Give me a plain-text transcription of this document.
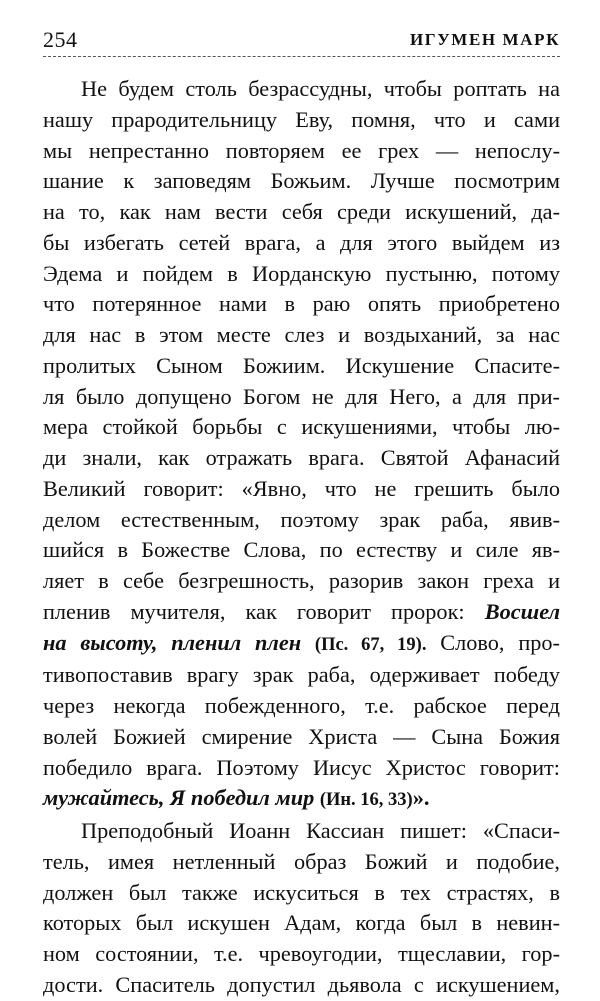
254	ИГУМЕН МАРК
Не будем столь безрассудны, чтобы роптать на
нашу прародительницу Еву, помня, что и сами
мы непрестанно повторяем ее грех — непослу-
шание к заповедям Божьим. Лучше посмотрим
на то, как нам вести себя среди искушений, да-
бы избегать сетей врага, а для этого выйдем из
Эдема и пойдем в Иорданскую пустыню, потому
что потерянное нами в раю опять приобретено
для нас в этом месте слез и воздыханий, за нас
пролитых Сыном Божиим. Искушение Спасите-
ля было допущено Богом не для Него, а для при-
мера стойкой борьбы с искушениями, чтобы лю-
ди знали, как отражать врага. Святой Афанасий
Великий говорит: «Явно, что не грешить было
делом естественным, поэтому зрак раба, явив-
шийся в Божестве Слова, по естеству и силе яв-
ляет в себе безгрешность, разорив закон греха и
пленив мучителя, как говорит пророк: Восшел
на высоту, пленил плен (Пс. 67, 19). Слово, про-
тивопоставив врагу зрак раба, одерживает победу
через некогда побежденного, т.е. рабское перед
волей Божией смирение Христа — Сына Божия
победило врага. Поэтому Иисус Христос говорит:
мужайтесь, Я победил мир (Ин. 16, 33)».
Преподобный Иоанн Кассиан пишет: «Спаси-
тель, имея нетленный образ Божий и подобие,
должен был также искуситься в тех страстях, в
которых был искушен Адам, когда был в невин-
ном состоянии, т.е. чревоугодии, тщеславии, гор-
дости. Спаситель допустил дьявола с искушением,
